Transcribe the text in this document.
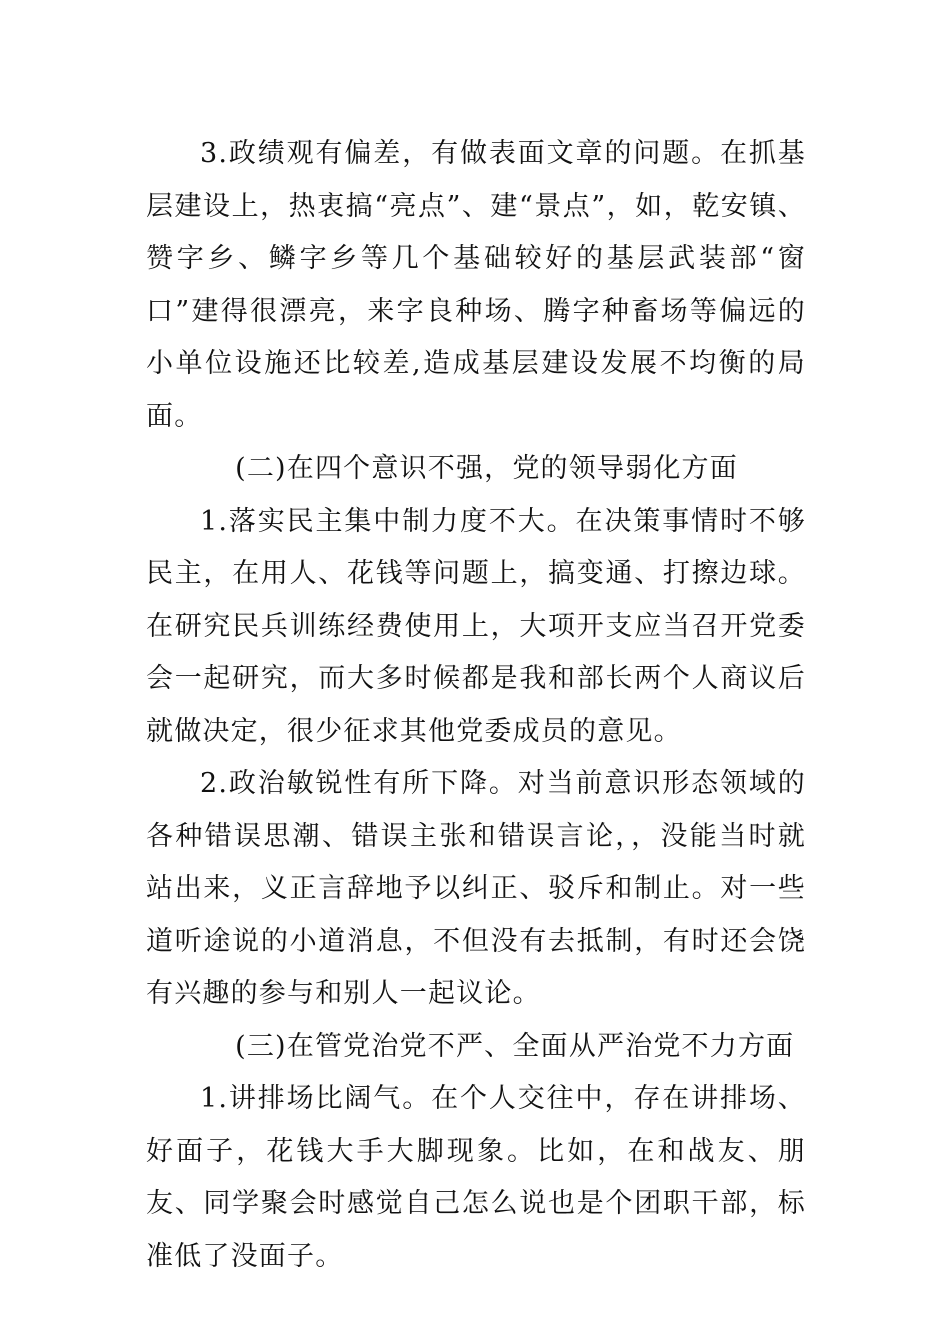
3.政绩观有偏差，有做表面文章的问题。在抓基层建设上，热衷搞“亮点”、建“景点”，如，乾安镇、赞字乡、鳞字乡等几个基础较好的基层武装部“窗口”建得很漂亮，来字良种场、腾字种畜场等偏远的小单位设施还比较差,造成基层建设发展不均衡的局面。

(二)在四个意识不强，党的领导弱化方面

1.落实民主集中制力度不大。在决策事情时不够民主，在用人、花钱等问题上，搞变通、打擦边球。在研究民兵训练经费使用上，大项开支应当召开党委会一起研究，而大多时候都是我和部长两个人商议后就做决定，很少征求其他党委成员的意见。

2.政治敏锐性有所下降。对当前意识形态领域的各种错误思潮、错误主张和错误言论，，没能当时就站出来，义正言辞地予以纠正、驳斥和制止。对一些道听途说的小道消息，不但没有去抵制，有时还会饶有兴趣的参与和别人一起议论。

(三)在管党治党不严、全面从严治党不力方面

1.讲排场比阔气。在个人交往中，存在讲排场、好面子，花钱大手大脚现象。比如，在和战友、朋友、同学聚会时感觉自己怎么说也是个团职干部，标准低了没面子。
